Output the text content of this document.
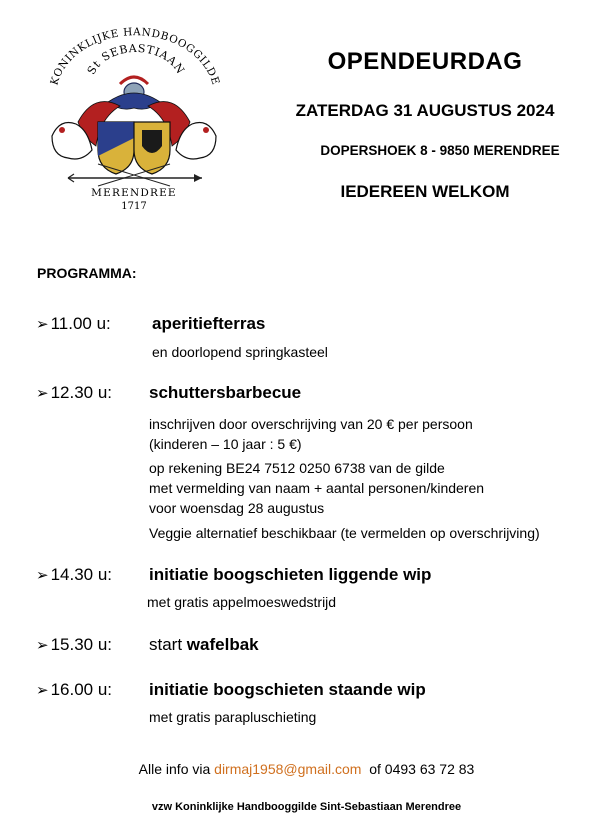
KONINKLIJKE HANDBOOGGILDE
St SEBASTIAAN
MERENDREE
1717
OPENDEURDAG
ZATERDAG 31 AUGUSTUS 2024
DOPERSHOEK 8 - 9850 MERENDREE
IEDEREEN WELKOM
PROGRAMMA:
➢ 11.00 u: aperitiefterras
en doorlopend springkasteel
➢ 12.30 u: schuttersbarbecue
inschrijven door overschrijving van 20 € per persoon
(kinderen – 10 jaar : 5 €)
op rekening BE24 7512 0250 6738 van de gilde
met vermelding van naam + aantal personen/kinderen
voor woensdag 28 augustus
Veggie alternatief beschikbaar (te vermelden op overschrijving)
➢ 14.30 u: initiatie boogschieten liggende wip
met gratis appelmoeswedstrijd
➢ 15.30 u: start wafelbak
➢ 16.00 u: initiatie boogschieten staande wip
met gratis parapluschieting
Alle info via dirmaj1958@gmail.com  of 0493 63 72 83
vzw Koninklijke Handbooggilde Sint-Sebastiaan Merendree
